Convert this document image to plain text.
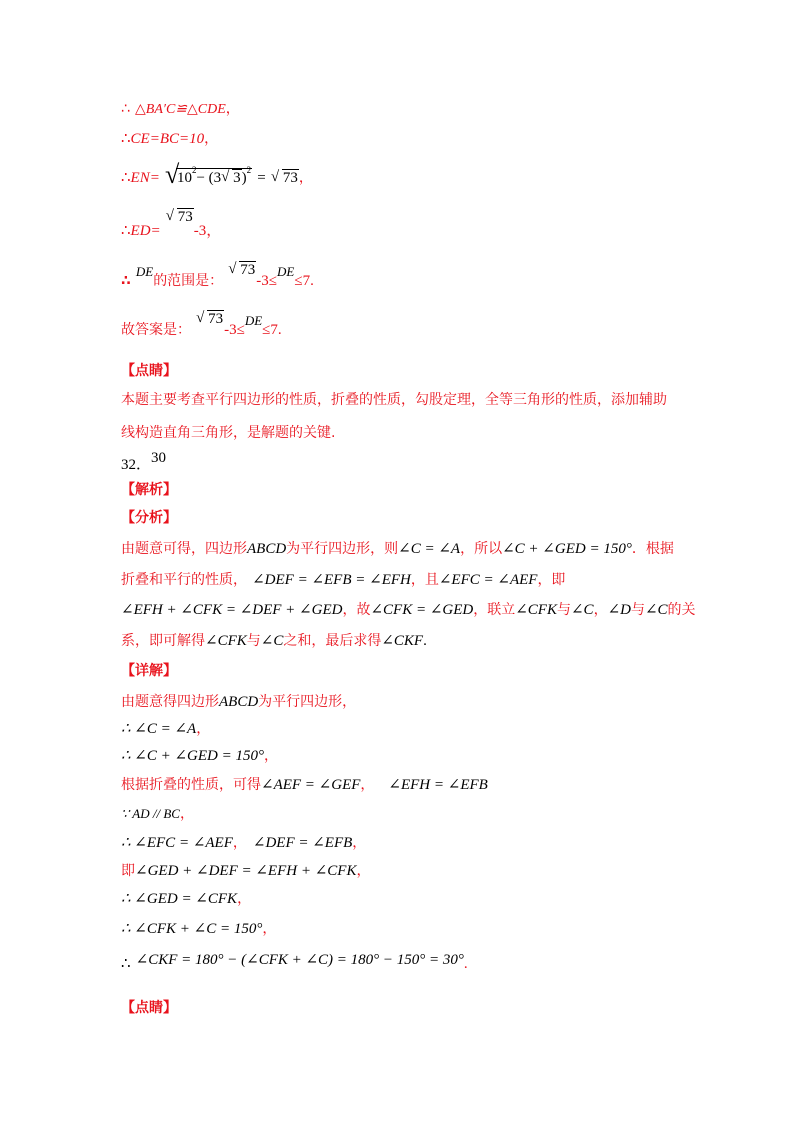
∴ △BA′C≌△CDE，
∴CE=BC=10，
∴EN= √ $10^2- (3√$ 3)$^2$ = √ 73，
∴ED= √ 73-3，
∴ $^{DE}$的范围是： √ 73-3≤$^{DE}$≤7.
故答案是： √ 73-3≤$^{DE}$≤7.
【点睛】
本题主要考查平行四边形的性质，折叠的性质，勾股定理，全等三角形的性质，添加辅助
线构造直角三角形，是解题的关键.
32．30
【解析】
【分析】
由题意可得，四边形ABCD为平行四边形，则∠C = ∠A，所以∠C + ∠GED = 150°．根据
折叠和平行的性质， ∠DEF = ∠EFB = ∠EFH，且∠EFC = ∠AEF，即
∠EFH + ∠CFK = ∠DEF + ∠GED，故∠CFK = ∠GED，联立∠CFK与∠C，∠D与∠C的关
系，即可解得∠CFK与∠C之和，最后求得∠CKF.
【详解】
由题意得四边形ABCD为平行四边形，
∴ ∠C = ∠A，
∴ ∠C + ∠GED = 150°，
根据折叠的性质，可得∠AEF = ∠GEF， ∠EFH = ∠EFB
∵ AD // BC，
∴ ∠EFC = ∠AEF， ∠DEF = ∠EFB，
即∠GED + ∠DEF = ∠EFH + ∠CFK，
∴ ∠GED = ∠CFK，
∴ ∠CFK + ∠C = 150°，
∴ ∠CKF = 180° − (∠CFK + ∠C) = 180° − 150° = 30°.
【点睛】
